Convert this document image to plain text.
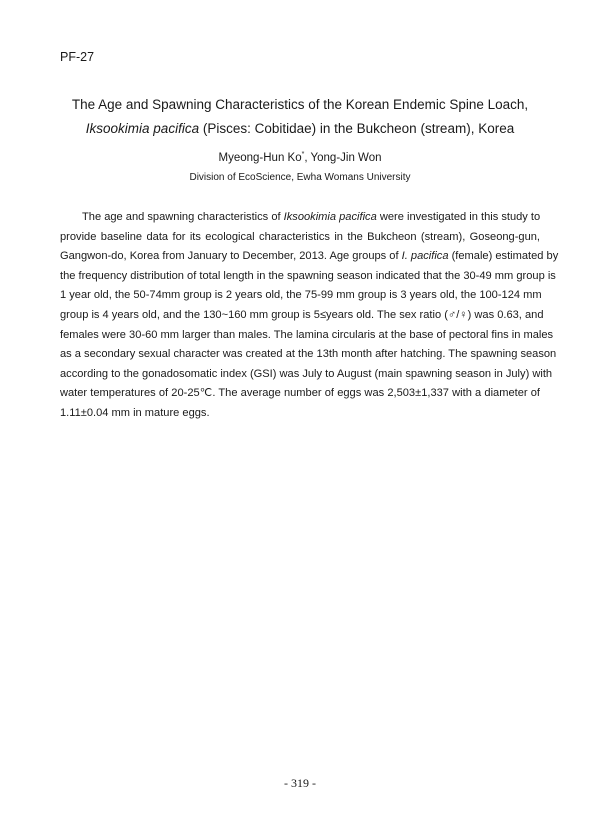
PF-27
The Age and Spawning Characteristics of the Korean Endemic Spine Loach,
Iksookimia pacifica (Pisces: Cobitidae) in the Bukcheon (stream), Korea
Myeong-Hun Ko*, Yong-Jin Won
Division of EcoScience, Ewha Womans University
The age and spawning characteristics of Iksookimia pacifica were investigated in this study to
provide baseline data for its ecological characteristics in the Bukcheon (stream), Goseong-gun,
Gangwon-do, Korea from January to December, 2013. Age groups of I. pacifica (female) estimated by
the frequency distribution of total length in the spawning season indicated that the 30-49 mm group is
1 year old, the 50-74mm group is 2 years old, the 75-99 mm group is 3 years old, the 100-124 mm
group is 4 years old, and the 130~160 mm group is 5≤years old. The sex ratio (♂/♀) was 0.63, and
females were 30-60 mm larger than males. The lamina circularis at the base of pectoral fins in males
as a secondary sexual character was created at the 13th month after hatching. The spawning season
according to the gonadosomatic index (GSI) was July to August (main spawning season in July) with
water temperatures of 20-25℃. The average number of eggs was 2,503±1,337 with a diameter of
1.11±0.04 mm in mature eggs.
- 319 -
